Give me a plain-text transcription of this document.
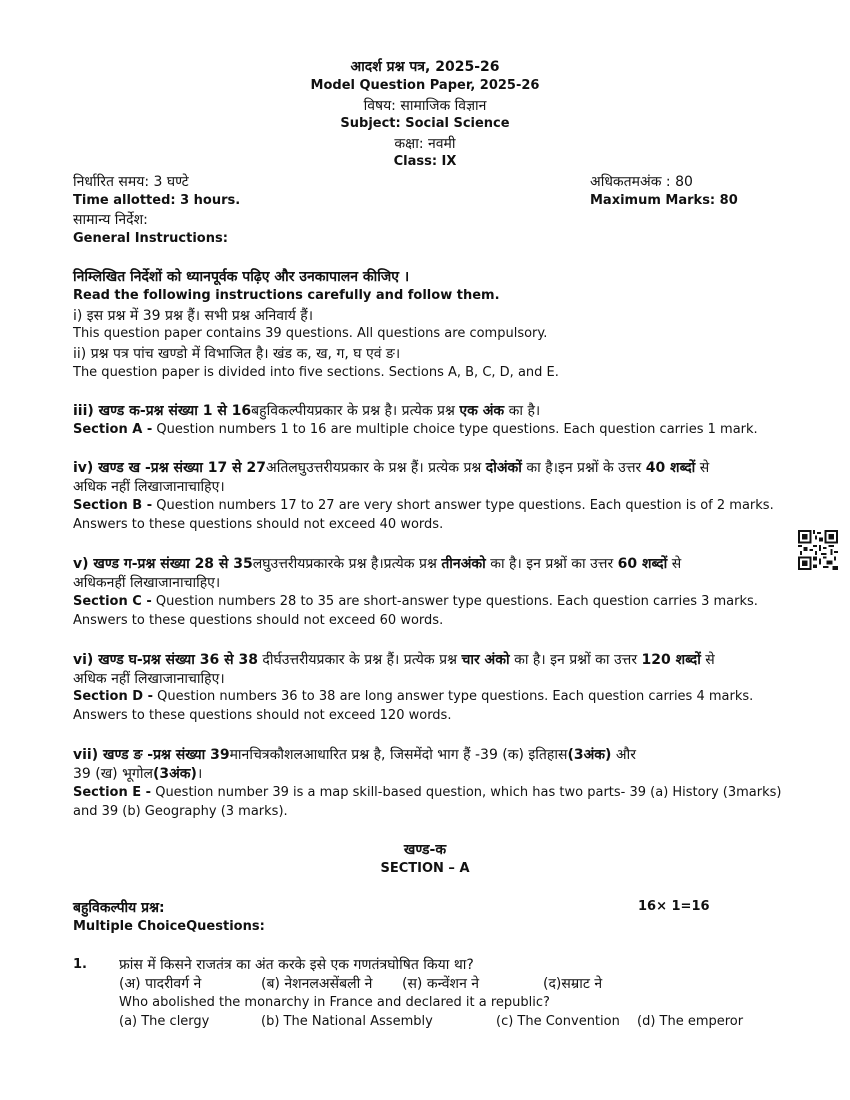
आदर्श प्रश्न पत्र, 2025-26
Model Question Paper, 2025-26
विषय: सामाजिक विज्ञान
Subject: Social Science
कक्षा: नवमी
Class: IX
निर्धारित समय: 3 घण्टे	अधिकतमअंक : 80
Time allotted: 3 hours.	Maximum Marks: 80
सामान्य निर्देश:
General Instructions:
निम्लिखित निर्देशों को ध्यानपूर्वक पढ़िए और उनकापालन कीजिए ।
Read the following instructions carefully and follow them.
i) इस प्रश्न में 39 प्रश्न हैं। सभी प्रश्न अनिवार्य हैं।
This question paper contains 39 questions. All questions are compulsory.
ii) प्रश्न पत्र पांच खण्डो में विभाजित है। खंड क, ख, ग, घ एवं ङ।
The question paper is divided into five sections. Sections A, B, C, D, and E.
iii) खण्ड क-प्रश्न संख्या 1 से 16बहुविकल्पीयप्रकार के प्रश्न है। प्रत्येक प्रश्न एक अंक का है।
Section A - Question numbers 1 to 16 are multiple choice type questions. Each question carries 1 mark.
iv) खण्ड ख -प्रश्न संख्या 17 से 27अतिलघुउत्तरीयप्रकार के प्रश्न हैं। प्रत्येक प्रश्न दोअंकों का है।इन प्रश्नों के उत्तर 40 शब्दों से
अधिक नहीं लिखाजानाचाहिए।
Section B - Question numbers 17 to 27 are very short answer type questions. Each question is of 2 marks.
Answers to these questions should not exceed 40 words.
v) खण्ड ग-प्रश्न संख्या 28 से 35लघुउत्तरीयप्रकारके प्रश्न है।प्रत्येक प्रश्न तीनअंको का है। इन प्रश्नों का उत्तर 60 शब्दों से
अधिकनहीं लिखाजानाचाहिए।
Section C - Question numbers 28 to 35 are short-answer type questions. Each question carries 3 marks.
Answers to these questions should not exceed 60 words.
vi) खण्ड घ-प्रश्न संख्या 36 से 38 दीर्घउत्तरीयप्रकार के प्रश्न हैं। प्रत्येक प्रश्न चार अंको का है। इन प्रश्नों का उत्तर 120 शब्दों से
अधिक नहीं लिखाजानाचाहिए।
Section D - Question numbers 36 to 38 are long answer type questions. Each question carries 4 marks.
Answers to these questions should not exceed 120 words.
vii) खण्ड ङ -प्रश्न संख्या 39मानचित्रकौशलआधारित प्रश्न है, जिसमेंदो भाग हैं -39 (क) इतिहास(3अंक) और
39 (ख) भूगोल(3अंक)।
Section E - Question number 39 is a map skill-based question, which has two parts- 39 (a) History (3marks)
and 39 (b) Geography (3 marks).
खण्ड-क
SECTION – A
बहुविकल्पीय प्रश्न:	16× 1=16
Multiple ChoiceQuestions:
1. फ्रांस में किसने राजतंत्र का अंत करके इसे एक गणतंत्रघोषित किया था?
(अ) पादरीवर्ग ने	(ब) नेशनलअसेंबली ने (स) कन्वेंशन ने	(द)सम्राट ने
Who abolished the monarchy in France and declared it a republic?
(a) The clergy	(b) The National Assembly	(c) The Convention (d) The emperor
